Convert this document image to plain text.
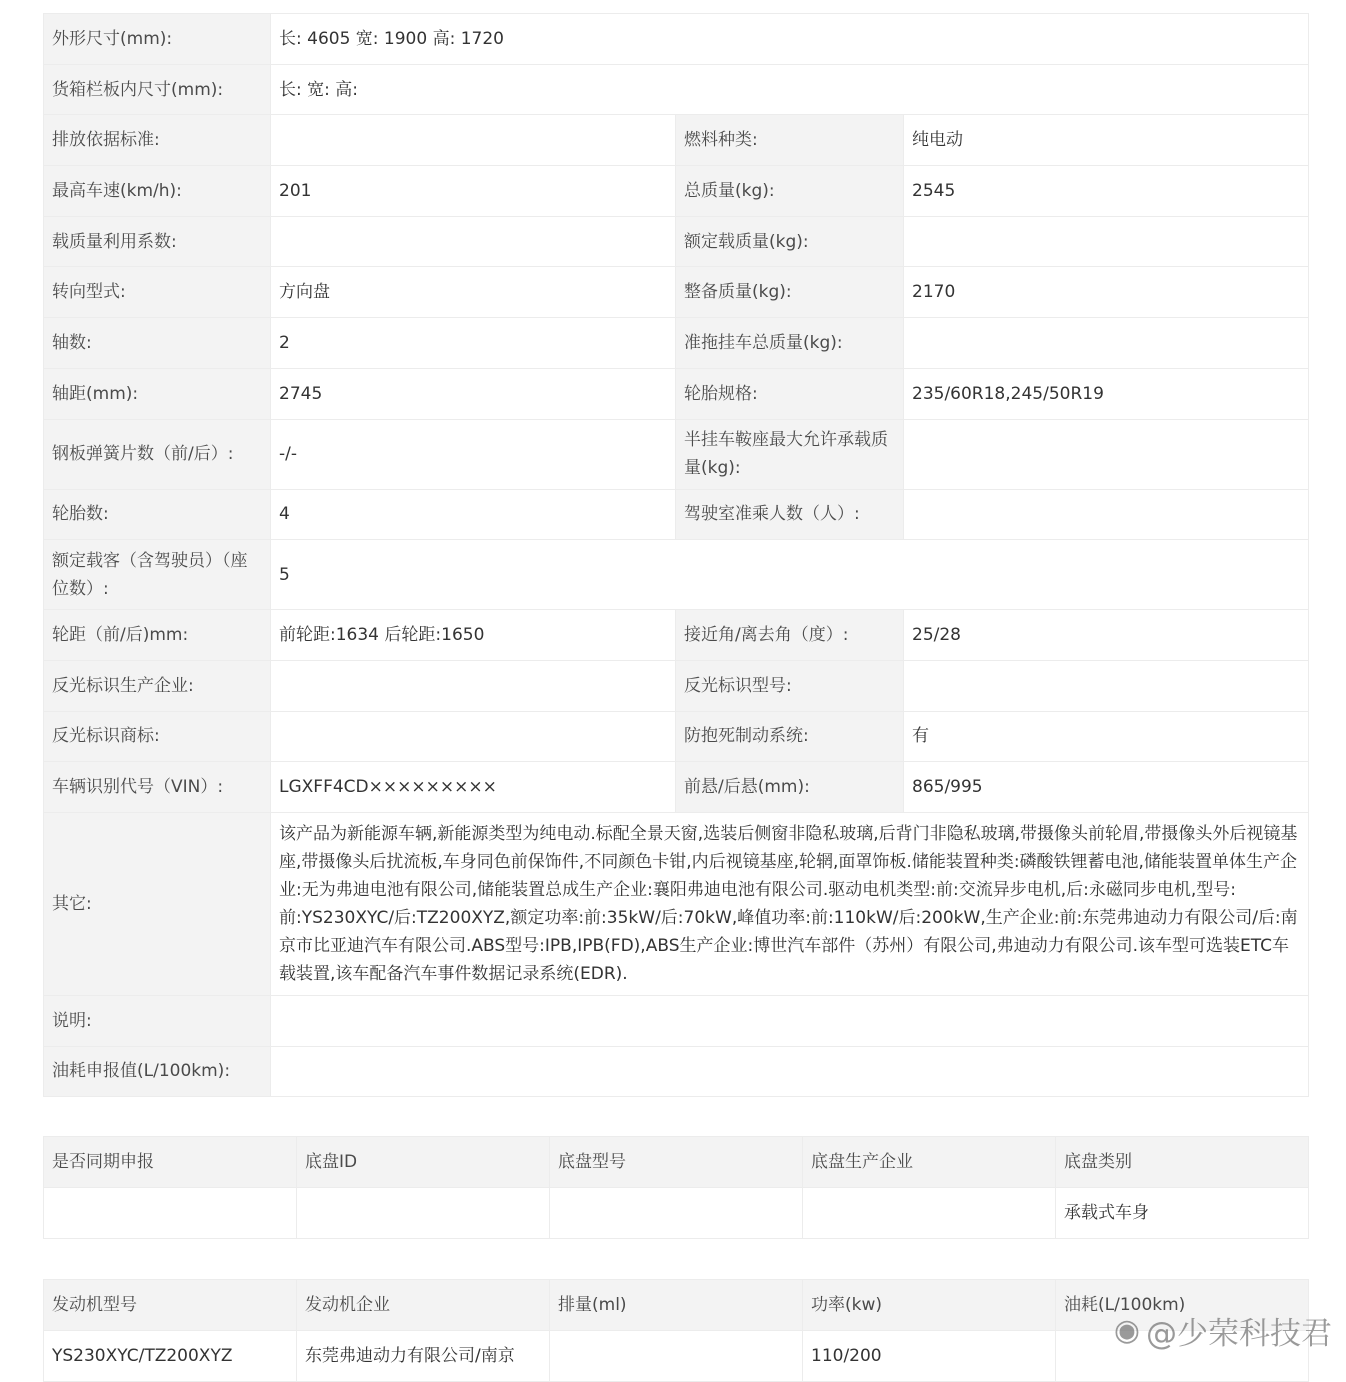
外形尺寸(mm):	长: 4605 宽: 1900 高: 1720		
货箱栏板内尺寸(mm):	长: 宽: 高:		
排放依据标准:		燃料种类:	纯电动
最高车速(km/h):	201	总质量(kg):	2545
载质量利用系数:		额定载质量(kg):	
转向型式:	方向盘	整备质量(kg):	2170
轴数:	2	准拖挂车总质量(kg):	
轴距(mm):	2745	轮胎规格:	235/60R18,245/50R19
钢板弹簧片数（前/后）:	-/-	半挂车鞍座最大允许承载质量(kg):	
轮胎数:	4	驾驶室准乘人数（人）:	
额定载客（含驾驶员）（座位数）:	5		
轮距（前/后)mm:	前轮距:1634 后轮距:1650	接近角/离去角（度）:	25/28
反光标识生产企业:		反光标识型号:	
反光标识商标:		防抱死制动系统:	有
车辆识别代号（VIN）:	LGXFF4CD×××××××××	前悬/后悬(mm):	865/995
其它:	该产品为新能源车辆,新能源类型为纯电动.标配全景天窗,选装后侧窗非隐私玻璃,后背门非隐私玻璃,带摄像头前轮眉,带摄像头外后视镜基座,带摄像头后扰流板,车身同色前保饰件,不同颜色卡钳,内后视镜基座,轮辋,面罩饰板.储能装置种类:磷酸铁锂蓄电池,储能装置单体生产企业:无为弗迪电池有限公司,储能装置总成生产企业:襄阳弗迪电池有限公司.驱动电机类型:前:交流异步电机,后:永磁同步电机,型号:前:YS230XYC/后:TZ200XYZ,额定功率:前:35kW/后:70kW,峰值功率:前:110kW/后:200kW,生产企业:前:东莞弗迪动力有限公司/后:南京市比亚迪汽车有限公司.ABS型号:IPB,IPB(FD),ABS生产企业:博世汽车部件（苏州）有限公司,弗迪动力有限公司.该车型可选装ETC车载装置,该车配备汽车事件数据记录系统(EDR).		
说明:			
油耗申报值(L/100km):			
是否同期申报	底盘ID	底盘型号	底盘生产企业	底盘类别
				承载式车身
发动机型号	发动机企业	排量(ml)	功率(kw)	油耗(L/100km)
YS230XYC/TZ200XYZ	东莞弗迪动力有限公司/南京		110/200	
◉ @少荣科技君
